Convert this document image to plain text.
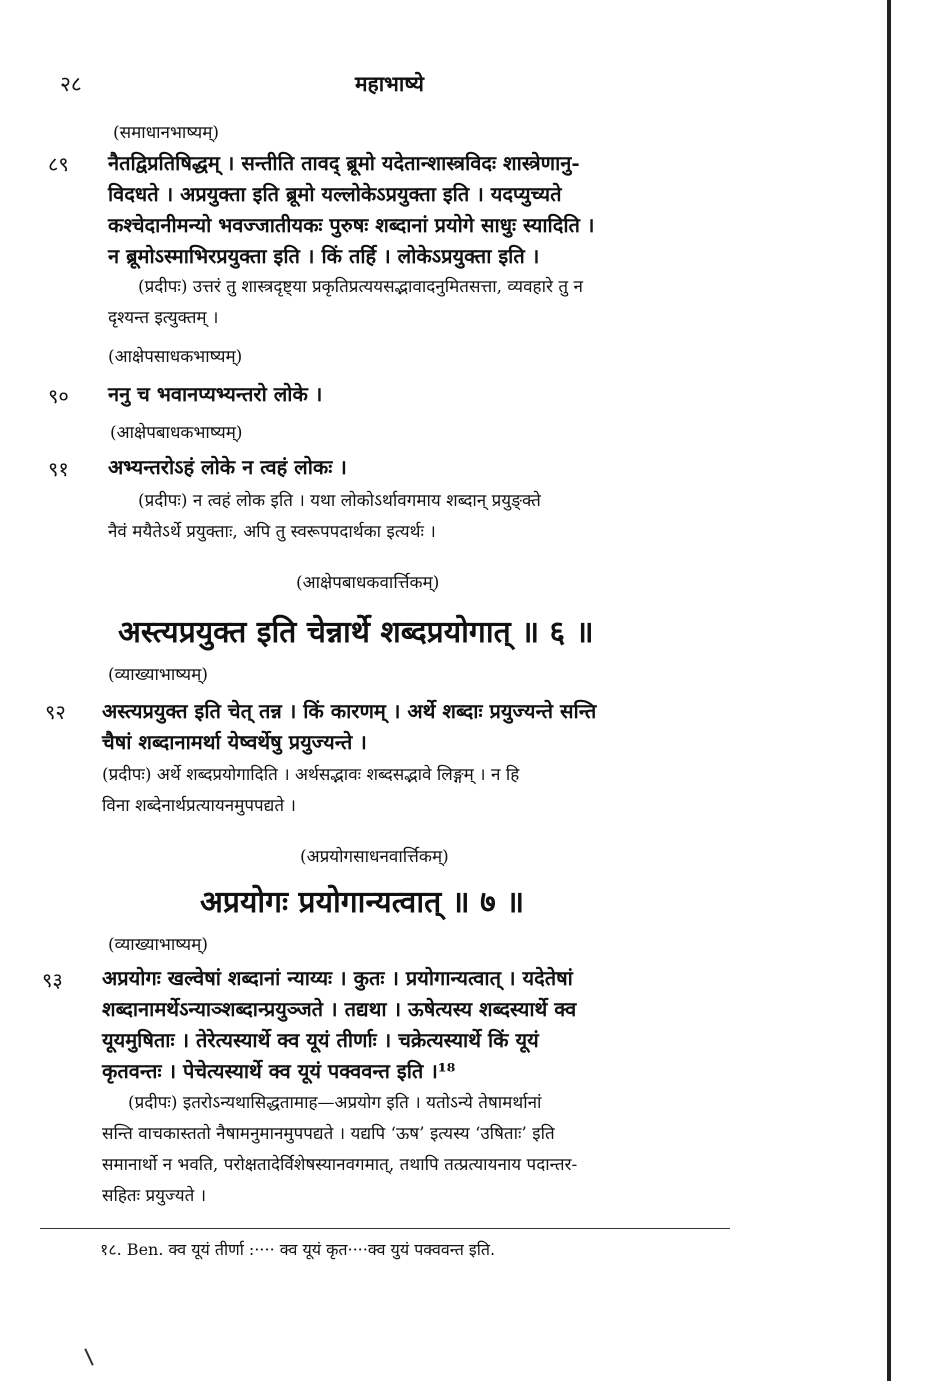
२८	महाभाष्ये
(समाधानभाष्यम्)
८९ नैतद्विप्रतिषिद्धम् । सन्तीति तावद् ब्रूमो यदेतान्शास्त्रविदः शास्त्रेणानु-
विदधते । अप्रयुक्ता इति ब्रूमो यल्लोकेऽप्रयुक्ता इति । यदप्युच्यते
कश्चेदानीमन्यो भवज्जातीयकः पुरुषः शब्दानां प्रयोगे साधुः स्यादिति ।
न ब्रूमोऽस्माभिरप्रयुक्ता इति । किं तर्हि । लोकेऽप्रयुक्ता इति ।
(प्रदीपः) उत्तरं तु शास्त्रदृष्ट्या प्रकृतिप्रत्ययसद्भावादनुमितसत्ता, व्यवहारे तु न
दृश्यन्त इत्युक्तम् ।
(आक्षेपसाधकभाष्यम्)
९० ननु च भवानप्यभ्यन्तरो लोके ।
(आक्षेपबाधकभाष्यम्)
९१ अभ्यन्तरोऽहं लोके न त्वहं लोकः ।
(प्रदीपः) न त्वहं लोक इति । यथा लोकोऽर्थावगमाय शब्दान् प्रयुङ्क्ते
नैवं मयैतेऽर्थे प्रयुक्ताः, अपि तु स्वरूपपदार्थका इत्यर्थः ।
(आक्षेपबाधकवार्त्तिकम्)
अस्त्यप्रयुक्त इति चेन्नार्थे शब्दप्रयोगात् ॥ ६ ॥
(व्याख्याभाष्यम्)
९२ अस्त्यप्रयुक्त इति चेत् तन्न । किं कारणम् । अर्थे शब्दाः प्रयुज्यन्ते सन्ति
चैषां शब्दानामर्था येष्वर्थेषु प्रयुज्यन्ते ।
(प्रदीपः) अर्थे शब्दप्रयोगादिति । अर्थसद्भावः शब्दसद्भावे लिङ्गम् । न हि
विना शब्देनार्थप्रत्यायनमुपपद्यते ।
(अप्रयोगसाधनवार्त्तिकम्)
अप्रयोगः प्रयोगान्यत्वात् ॥ ७ ॥
(व्याख्याभाष्यम्)
९३ अप्रयोगः खल्वेषां शब्दानां न्याय्यः । कुतः । प्रयोगान्यत्वात् । यदेतेषां
शब्दानामर्थेऽन्याञ्शब्दान्प्रयुञ्जते । तद्यथा । ऊषेत्यस्य शब्दस्यार्थे क्व
यूयमुषिताः । तेरेत्यस्यार्थे क्व यूयं तीर्णाः । चक्रेत्यस्यार्थे किं यूयं
कृतवन्तः । पेचेत्यस्यार्थे क्व यूयं पक्ववन्त इति ।¹⁸
(प्रदीपः) इतरोऽन्यथासिद्धतामाह—अप्रयोग इति । यतोऽन्ये तेषामर्थानां
सन्ति वाचकास्ततो नैषामनुमानमुपपद्यते । यद्यपि ‘ऊष’ इत्यस्य ‘उषिताः’ इति
समानार्थो न भवति, परोक्षतादेर्विशेषस्यानवगमात्, तथापि तत्प्रत्यायनाय पदान्तर-
सहितः प्रयुज्यते ।
१८. Ben. क्व यूयं तीर्णा :···· क्व यूयं कृत····क्व युयं पक्ववन्त इति.
